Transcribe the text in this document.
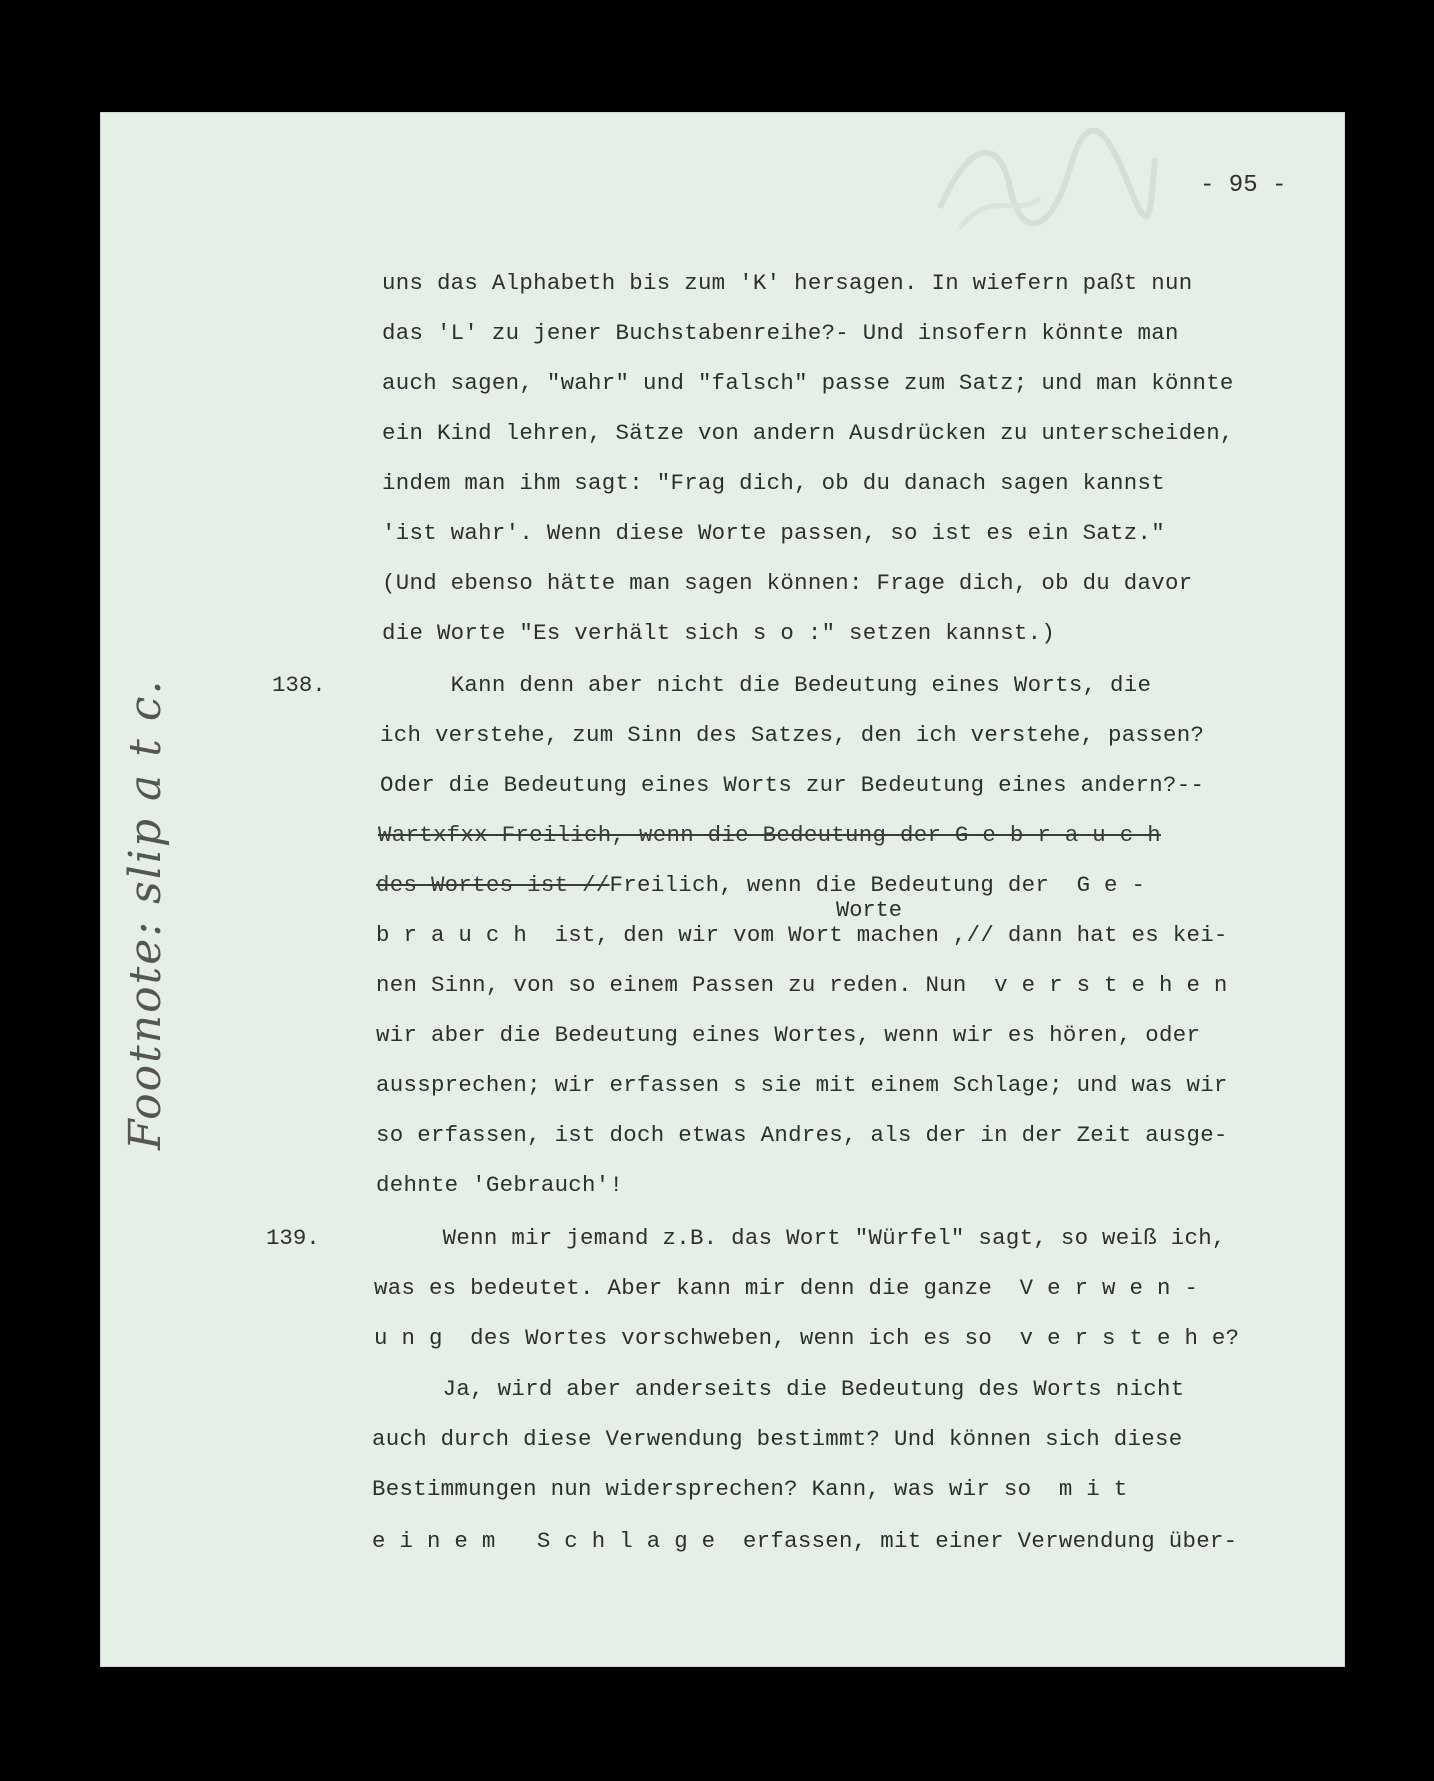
- 95 -
Footnote: slip a t c.	138.
139.
uns das Alphabeth bis zum 'K' hersagen. In wiefern paßt nun
das 'L' zu jener Buchstabenreihe?- Und insofern könnte man
auch sagen, "wahr" und "falsch" passe zum Satz; und man könnte
ein Kind lehren, Sätze von andern Ausdrücken zu unterscheiden,
indem man ihm sagt: "Frag dich, ob du danach sagen kannst
'ist wahr'. Wenn diese Worte passen, so ist es ein Satz."
(Und ebenso hätte man sagen können: Frage dich, ob du davor
die Worte "Es verhält sich s o :" setzen kannst.)
Kann denn aber nicht die Bedeutung eines Worts, die
ich verstehe, zum Sinn des Satzes, den ich verstehe, passen?
Oder die Bedeutung eines Worts zur Bedeutung eines andern?--
Wartxfxx Freilich, wenn die Bedeutung der G e b r a u c h
des Wortes ist //Freilich, wenn die Bedeutung der  G e -
Worte
b r a u c h  ist, den wir vom Wort machen ,// dann hat es kei-
nen Sinn, von so einem Passen zu reden. Nun  v e r s t e h e n
wir aber die Bedeutung eines Wortes, wenn wir es hören, oder
aussprechen; wir erfassen s sie mit einem Schlage; und was wir
so erfassen, ist doch etwas Andres, als der in der Zeit ausge-
dehnte 'Gebrauch'!
Wenn mir jemand z.B. das Wort "Würfel" sagt, so weiß ich,
was es bedeutet. Aber kann mir denn die ganze  V e r w e n -
u n g  des Wortes vorschweben, wenn ich es so  v e r s t e h e?
Ja, wird aber anderseits die Bedeutung des Worts nicht
auch durch diese Verwendung bestimmt? Und können sich diese
Bestimmungen nun widersprechen? Kann, was wir so  m i t
e i n e m   S c h l a g e  erfassen, mit einer Verwendung über-
